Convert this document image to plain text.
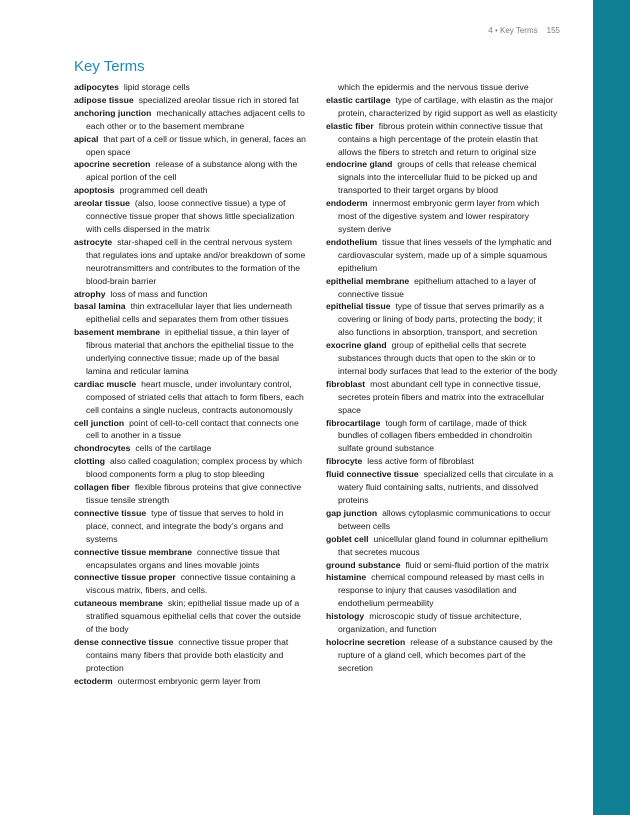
4 • Key Terms 155
Key Terms
adipocytes lipid storage cells
adipose tissue specialized areolar tissue rich in stored fat
anchoring junction mechanically attaches adjacent cells to each other or to the basement membrane
apical that part of a cell or tissue which, in general, faces an open space
apocrine secretion release of a substance along with the apical portion of the cell
apoptosis programmed cell death
areolar tissue (also, loose connective tissue) a type of connective tissue proper that shows little specialization with cells dispersed in the matrix
astrocyte star-shaped cell in the central nervous system that regulates ions and uptake and/or breakdown of some neurotransmitters and contributes to the formation of the blood-brain barrier
atrophy loss of mass and function
basal lamina thin extracellular layer that lies underneath epithelial cells and separates them from other tissues
basement membrane in epithelial tissue, a thin layer of fibrous material that anchors the epithelial tissue to the underlying connective tissue; made up of the basal lamina and reticular lamina
cardiac muscle heart muscle, under involuntary control, composed of striated cells that attach to form fibers, each cell contains a single nucleus, contracts autonomously
cell junction point of cell-to-cell contact that connects one cell to another in a tissue
chondrocytes cells of the cartilage
clotting also called coagulation; complex process by which blood components form a plug to stop bleeding
collagen fiber flexible fibrous proteins that give connective tissue tensile strength
connective tissue type of tissue that serves to hold in place, connect, and integrate the body’s organs and systems
connective tissue membrane connective tissue that encapsulates organs and lines movable joints
connective tissue proper connective tissue containing a viscous matrix, fibers, and cells.
cutaneous membrane skin; epithelial tissue made up of a stratified squamous epithelial cells that cover the outside of the body
dense connective tissue connective tissue proper that contains many fibers that provide both elasticity and protection
ectoderm outermost embryonic germ layer from
which the epidermis and the nervous tissue derive
elastic cartilage type of cartilage, with elastin as the major protein, characterized by rigid support as well as elasticity
elastic fiber fibrous protein within connective tissue that contains a high percentage of the protein elastin that allows the fibers to stretch and return to original size
endocrine gland groups of cells that release chemical signals into the intercellular fluid to be picked up and transported to their target organs by blood
endoderm innermost embryonic germ layer from which most of the digestive system and lower respiratory system derive
endothelium tissue that lines vessels of the lymphatic and cardiovascular system, made up of a simple squamous epithelium
epithelial membrane epithelium attached to a layer of connective tissue
epithelial tissue type of tissue that serves primarily as a covering or lining of body parts, protecting the body; it also functions in absorption, transport, and secretion
exocrine gland group of epithelial cells that secrete substances through ducts that open to the skin or to internal body surfaces that lead to the exterior of the body
fibroblast most abundant cell type in connective tissue, secretes protein fibers and matrix into the extracellular space
fibrocartilage tough form of cartilage, made of thick bundles of collagen fibers embedded in chondroitin sulfate ground substance
fibrocyte less active form of fibroblast
fluid connective tissue specialized cells that circulate in a watery fluid containing salts, nutrients, and dissolved proteins
gap junction allows cytoplasmic communications to occur between cells
goblet cell unicellular gland found in columnar epithelium that secretes mucous
ground substance fluid or semi-fluid portion of the matrix
histamine chemical compound released by mast cells in response to injury that causes vasodilation and endothelium permeability
histology microscopic study of tissue architecture, organization, and function
holocrine secretion release of a substance caused by the rupture of a gland cell, which becomes part of the secretion
